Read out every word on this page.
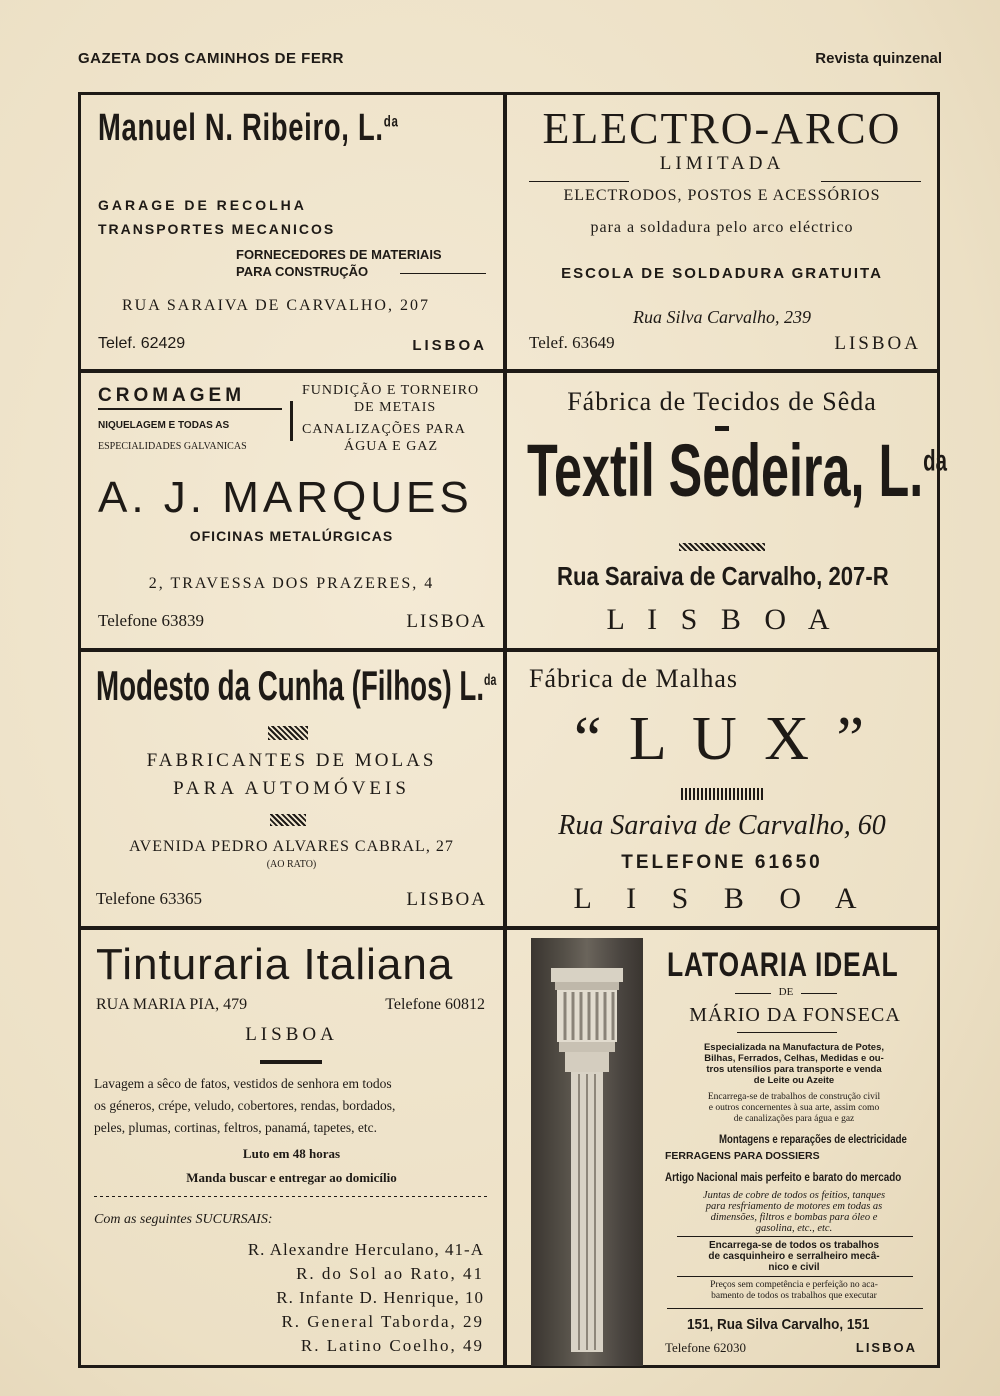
GAZETA DOS CAMINHOS DE FERR	Revista quinzenal
Manuel N. Ribeiro, L.$^{da}$
GARAGE DE RECOLHA
TRANSPORTES MECANICOS
FORNECEDORES DE MATERIAIS
PARA CONSTRUÇÃO
RUA SARAIVA DE CARVALHO, 207
Telef. 62429	LISBOA
ELECTRO-ARCO
LIMITADA
ELECTRODOS, POSTOS E ACESSÓRIOS
para a soldadura pelo arco eléctrico
ESCOLA DE SOLDADURA GRATUITA
Rua Silva Carvalho, 239
Telef. 63649	LISBOA
CROMAGEM
NIQUELAGEM E TODAS AS
ESPECIALIDADES GALVANICAS
FUNDIÇÃO E TORNEIRO
DE METAIS
CANALIZAÇÕES PARA
ÁGUA E GAZ
A. J. MARQUES
OFICINAS METALÚRGICAS
2, TRAVESSA DOS PRAZERES, 4
Telefone 63839	LISBOA
Fábrica de Tecidos de Sêda
Textil Sedeira, L.$^{da}$
Rua Saraiva de Carvalho, 207-R
L I S B O A
Modesto da Cunha (Filhos) L.$^{da}$
FABRICANTES DE MOLAS
PARA AUTOMÓVEIS
AVENIDA PEDRO ALVARES CABRAL, 27
(AO RATO)
Telefone 63365	LISBOA
Fábrica de Malhas
“ L U X ”
Rua Saraiva de Carvalho, 60
TELEFONE 61650
L I S B O A
Tinturaria Italiana
RUA MARIA PIA, 479	Telefone 60812
LISBOA
Lavagem a sêco de fatos, vestidos de senhora em todos
os géneros, crépe, veludo, cobertores, rendas, bordados,
peles, plumas, cortinas, feltros, panamá, tapetes, etc.
Luto em 48 horas
Manda buscar e entregar ao domicílio
Com as seguintes SUCURSAIS:
R. Alexandre Herculano, 41-A
R. do Sol ao Rato, 41
R. Infante D. Henrique, 10
R. General Taborda, 29
R. Latino Coelho, 49
LATOARIA IDEAL
DE
MÁRIO DA FONSECA
Especializada na Manufactura de Potes,
Bilhas, Ferrados, Celhas, Medidas e ou-
tros utensílios para transporte e venda
de Leite ou Azeite
Encarrega-se de trabalhos de construção civil
e outros concernentes à sua arte, assim como
de canalizações para água e gaz
Montagens e reparações de electricidade
FERRAGENS PARA DOSSIERS
Artigo Nacional mais perfeito e barato do mercado
Juntas de cobre de todos os feitios, tanques
para resfriamento de motores em todas as
dimensões, filtros e bombas para óleo e
gasolina, etc., etc.
Encarrega-se de todos os trabalhos
de casquinheiro e serralheiro mecâ-
nico e civil
Preços sem competência e perfeição no aca-
bamento de todos os trabalhos que executar
151, Rua Silva Carvalho, 151
Telefone 62030	LISBOA
